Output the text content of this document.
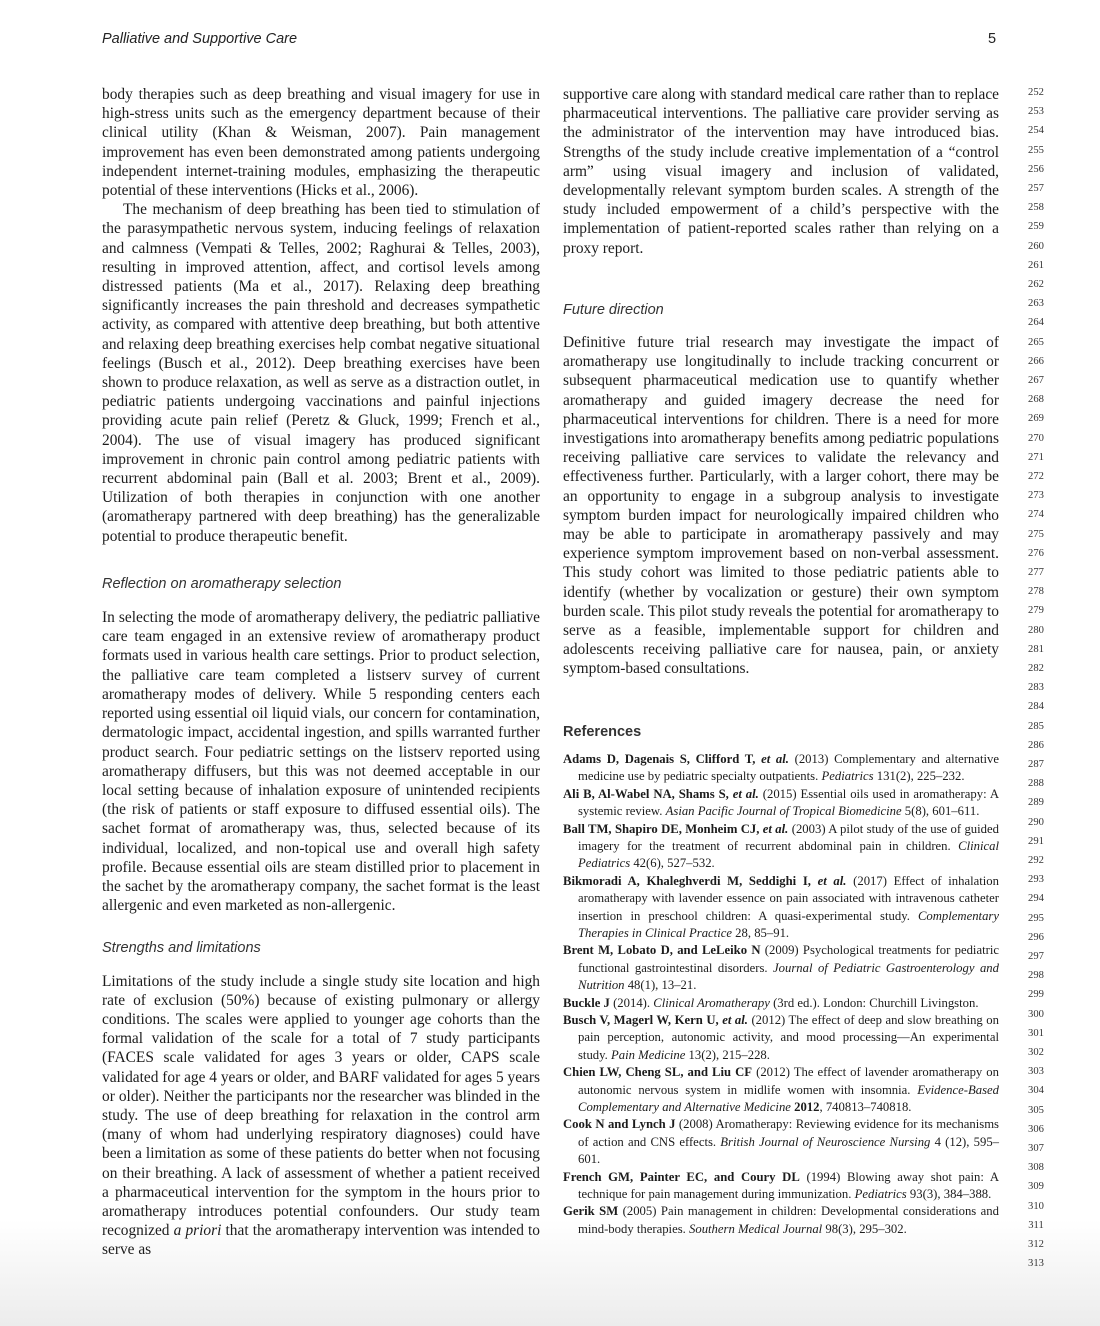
Palliative and Supportive Care	5

body therapies such as deep breathing and visual imagery for use in high-stress units such as the emergency department because of their clinical utility (Khan & Weisman, 2007). Pain management improvement has even been demonstrated among patients undergoing independent internet-training modules, emphasizing the therapeutic potential of these interventions (Hicks et al., 2006).

The mechanism of deep breathing has been tied to stimulation of the parasympathetic nervous system, inducing feelings of relaxation and calmness (Vempati & Telles, 2002; Raghurai & Telles, 2003), resulting in improved attention, affect, and cortisol levels among distressed patients (Ma et al., 2017). Relaxing deep breathing significantly increases the pain threshold and decreases sympathetic activity, as compared with attentive deep breathing, but both attentive and relaxing deep breathing exercises help combat negative situational feelings (Busch et al., 2012). Deep breathing exercises have been shown to produce relaxation, as well as serve as a distraction outlet, in pediatric patients undergoing vaccinations and painful injections providing acute pain relief (Peretz & Gluck, 1999; French et al., 2004). The use of visual imagery has produced significant improvement in chronic pain control among pediatric patients with recurrent abdominal pain (Ball et al. 2003; Brent et al., 2009). Utilization of both therapies in conjunction with one another (aromatherapy partnered with deep breathing) has the generalizable potential to produce therapeutic benefit.

Reflection on aromatherapy selection

In selecting the mode of aromatherapy delivery, the pediatric palliative care team engaged in an extensive review of aromatherapy product formats used in various health care settings. Prior to product selection, the palliative care team completed a listserv survey of current aromatherapy modes of delivery. While 5 responding centers each reported using essential oil liquid vials, our concern for contamination, dermatologic impact, accidental ingestion, and spills warranted further product search. Four pediatric settings on the listserv reported using aromatherapy diffusers, but this was not deemed acceptable in our local setting because of inhalation exposure of unintended recipients (the risk of patients or staff exposure to diffused essential oils). The sachet format of aromatherapy was, thus, selected because of its individual, localized, and non-topical use and overall high safety profile. Because essential oils are steam distilled prior to placement in the sachet by the aromatherapy company, the sachet format is the least allergenic and even marketed as non-allergenic.

Strengths and limitations

Limitations of the study include a single study site location and high rate of exclusion (50%) because of existing pulmonary or allergy conditions. The scales were applied to younger age cohorts than the formal validation of the scale for a total of 7 study participants (FACES scale validated for ages 3 years or older, CAPS scale validated for age 4 years or older, and BARF validated for ages 5 years or older). Neither the participants nor the researcher was blinded in the study. The use of deep breathing for relaxation in the control arm (many of whom had underlying respiratory diagnoses) could have been a limitation as some of these patients do better when not focusing on their breathing. A lack of assessment of whether a patient received a pharmaceutical intervention for the symptom in the hours prior to aromatherapy introduces potential confounders. Our study team recognized a priori that the aromatherapy intervention was intended to serve as

supportive care along with standard medical care rather than to replace pharmaceutical interventions. The palliative care provider serving as the administrator of the intervention may have introduced bias. Strengths of the study include creative implementation of a “control arm” using visual imagery and inclusion of validated, developmentally relevant symptom burden scales. A strength of the study included empowerment of a child’s perspective with the implementation of patient-reported scales rather than relying on a proxy report.

Future direction

Definitive future trial research may investigate the impact of aromatherapy use longitudinally to include tracking concurrent or subsequent pharmaceutical medication use to quantify whether aromatherapy and guided imagery decrease the need for pharmaceutical interventions for children. There is a need for more investigations into aromatherapy benefits among pediatric populations receiving palliative care services to validate the relevancy and effectiveness further. Particularly, with a larger cohort, there may be an opportunity to engage in a subgroup analysis to investigate symptom burden impact for neurologically impaired children who may be able to participate in aromatherapy passively and may experience symptom improvement based on non-verbal assessment. This study cohort was limited to those pediatric patients able to identify (whether by vocalization or gesture) their own symptom burden scale. This pilot study reveals the potential for aromatherapy to serve as a feasible, implementable support for children and adolescents receiving palliative care for nausea, pain, or anxiety symptom-based consultations.

References

Adams D, Dagenais S, Clifford T, et al. (2013) Complementary and alternative medicine use by pediatric specialty outpatients. Pediatrics 131(2), 225–232.

Ali B, Al-Wabel NA, Shams S, et al. (2015) Essential oils used in aromatherapy: A systemic review. Asian Pacific Journal of Tropical Biomedicine 5(8), 601–611.

Ball TM, Shapiro DE, Monheim CJ, et al. (2003) A pilot study of the use of guided imagery for the treatment of recurrent abdominal pain in children. Clinical Pediatrics 42(6), 527–532.

Bikmoradi A, Khaleghverdi M, Seddighi I, et al. (2017) Effect of inhalation aromatherapy with lavender essence on pain associated with intravenous catheter insertion in preschool children: A quasi-experimental study. Complementary Therapies in Clinical Practice 28, 85–91.

Brent M, Lobato D, and LeLeiko N (2009) Psychological treatments for pediatric functional gastrointestinal disorders. Journal of Pediatric Gastroenterology and Nutrition 48(1), 13–21.

Buckle J (2014). Clinical Aromatherapy (3rd ed.). London: Churchill Livingston.

Busch V, Magerl W, Kern U, et al. (2012) The effect of deep and slow breathing on pain perception, autonomic activity, and mood processing—An experimental study. Pain Medicine 13(2), 215–228.

Chien LW, Cheng SL, and Liu CF (2012) The effect of lavender aromatherapy on autonomic nervous system in midlife women with insomnia. Evidence-Based Complementary and Alternative Medicine 2012, 740813–740818.

Cook N and Lynch J (2008) Aromatherapy: Reviewing evidence for its mechanisms of action and CNS effects. British Journal of Neuroscience Nursing 4 (12), 595–601.

French GM, Painter EC, and Coury DL (1994) Blowing away shot pain: A technique for pain management during immunization. Pediatrics 93(3), 384–388.

Gerik SM (2005) Pain management in children: Developmental considerations and mind-body therapies. Southern Medical Journal 98(3), 295–302.

252
253
254
255
256
257
258
259
260
261
262
263
264
265
266
267
268
269
270
271
272
273
274
275
276
277
278
279
280
281
282
283
284
285
286
287
288
289
290
291
292
293
294
295
296
297
298
299
300
301
302
303
304
305
306
307
308
309
310
311
312
313
